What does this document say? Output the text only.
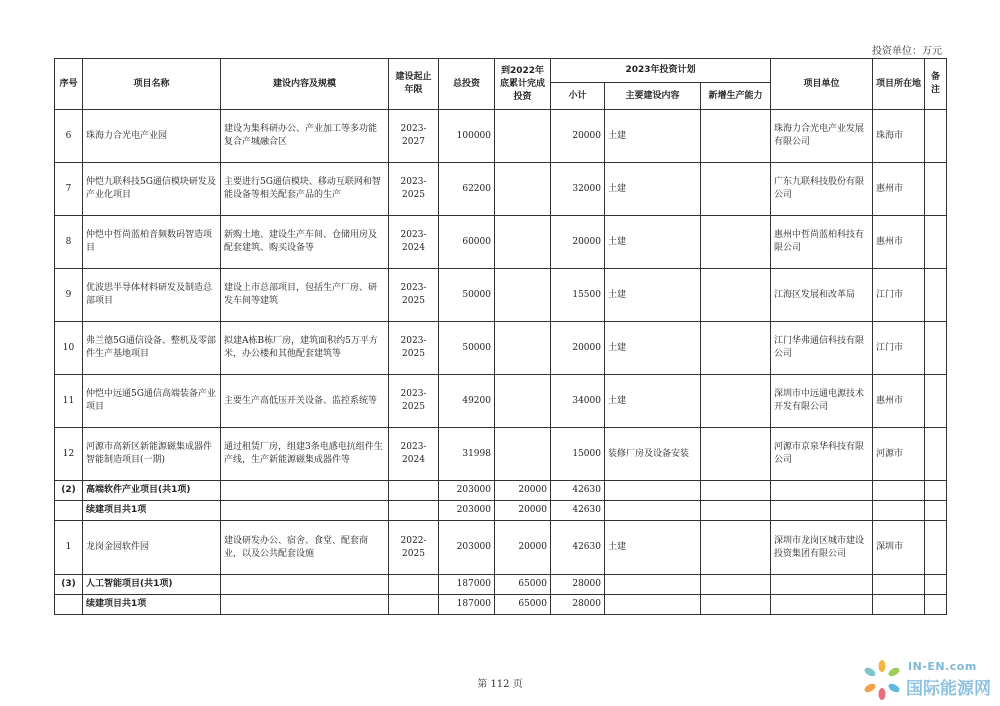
投资单位：万元
序号	项目名称	建设内容及规模	建设起止年限	总投资	到2022年底累计完成投资	2023年投资计划			项目单位	项目所在地	备注
						小计	主要建设内容	新增生产能力			
6	珠海力合光电产业园	建设为集科研办公、产业加工等多功能复合产城融合区	2023-2027	100000		20000	土建		珠海力合光电产业发展有限公司	珠海市	
7	仲恺九联科技5G通信模块研发及产业化项目	主要进行5G通信模块、移动互联网和智能设备等相关配套产品的生产	2023-2025	62200		32000	土建		广东九联科技股份有限公司	惠州市	
8	仲恺中哲尚蓝柏音频数码智造项目	新购土地、建设生产车间、仓储用房及配套建筑、购买设备等	2023-2024	60000		20000	土建		惠州中哲尚蓝柏科技有限公司	惠州市	
9	优波思半导体材料研发及制造总部项目	建设上市总部项目，包括生产厂房、研发车间等建筑	2023-2025	50000		15500	土建		江海区发展和改革局	江门市	
10	弗兰德5G通信设备、整机及零部件生产基地项目	拟建A栋B栋厂房，建筑面积约5万平方米，办公楼和其他配套建筑等	2023-2025	50000		20000	土建		江门华弗通信科技有限公司	江门市	
11	仲恺中远通5G通信高端装备产业项目	主要生产高低压开关设备、监控系统等	2023-2025	49200		34000	土建		深圳市中远通电源技术开发有限公司	惠州市	
12	河源市高新区新能源磁集成器件智能制造项目(一期)	通过租赁厂房，组建3条电感电抗组件生产线，生产新能源磁集成器件等	2023-2024	31998		15000	装修厂房及设备安装		河源市京泉华科技有限公司	河源市	
(2)	高端软件产业项目(共1项)			203000	20000	42630					
	续建项目共1项			203000	20000	42630					
1	龙岗金园软件园	建设研发办公、宿舍、食堂、配套商业，以及公共配套设施	2022-2025	203000	20000	42630	土建		深圳市龙岗区城市建设投资集团有限公司	深圳市	
(3)	人工智能项目(共1项)			187000	65000	28000					
	续建项目共1项			187000	65000	28000					
第 112 页
IN-EN.com
国际能源网
